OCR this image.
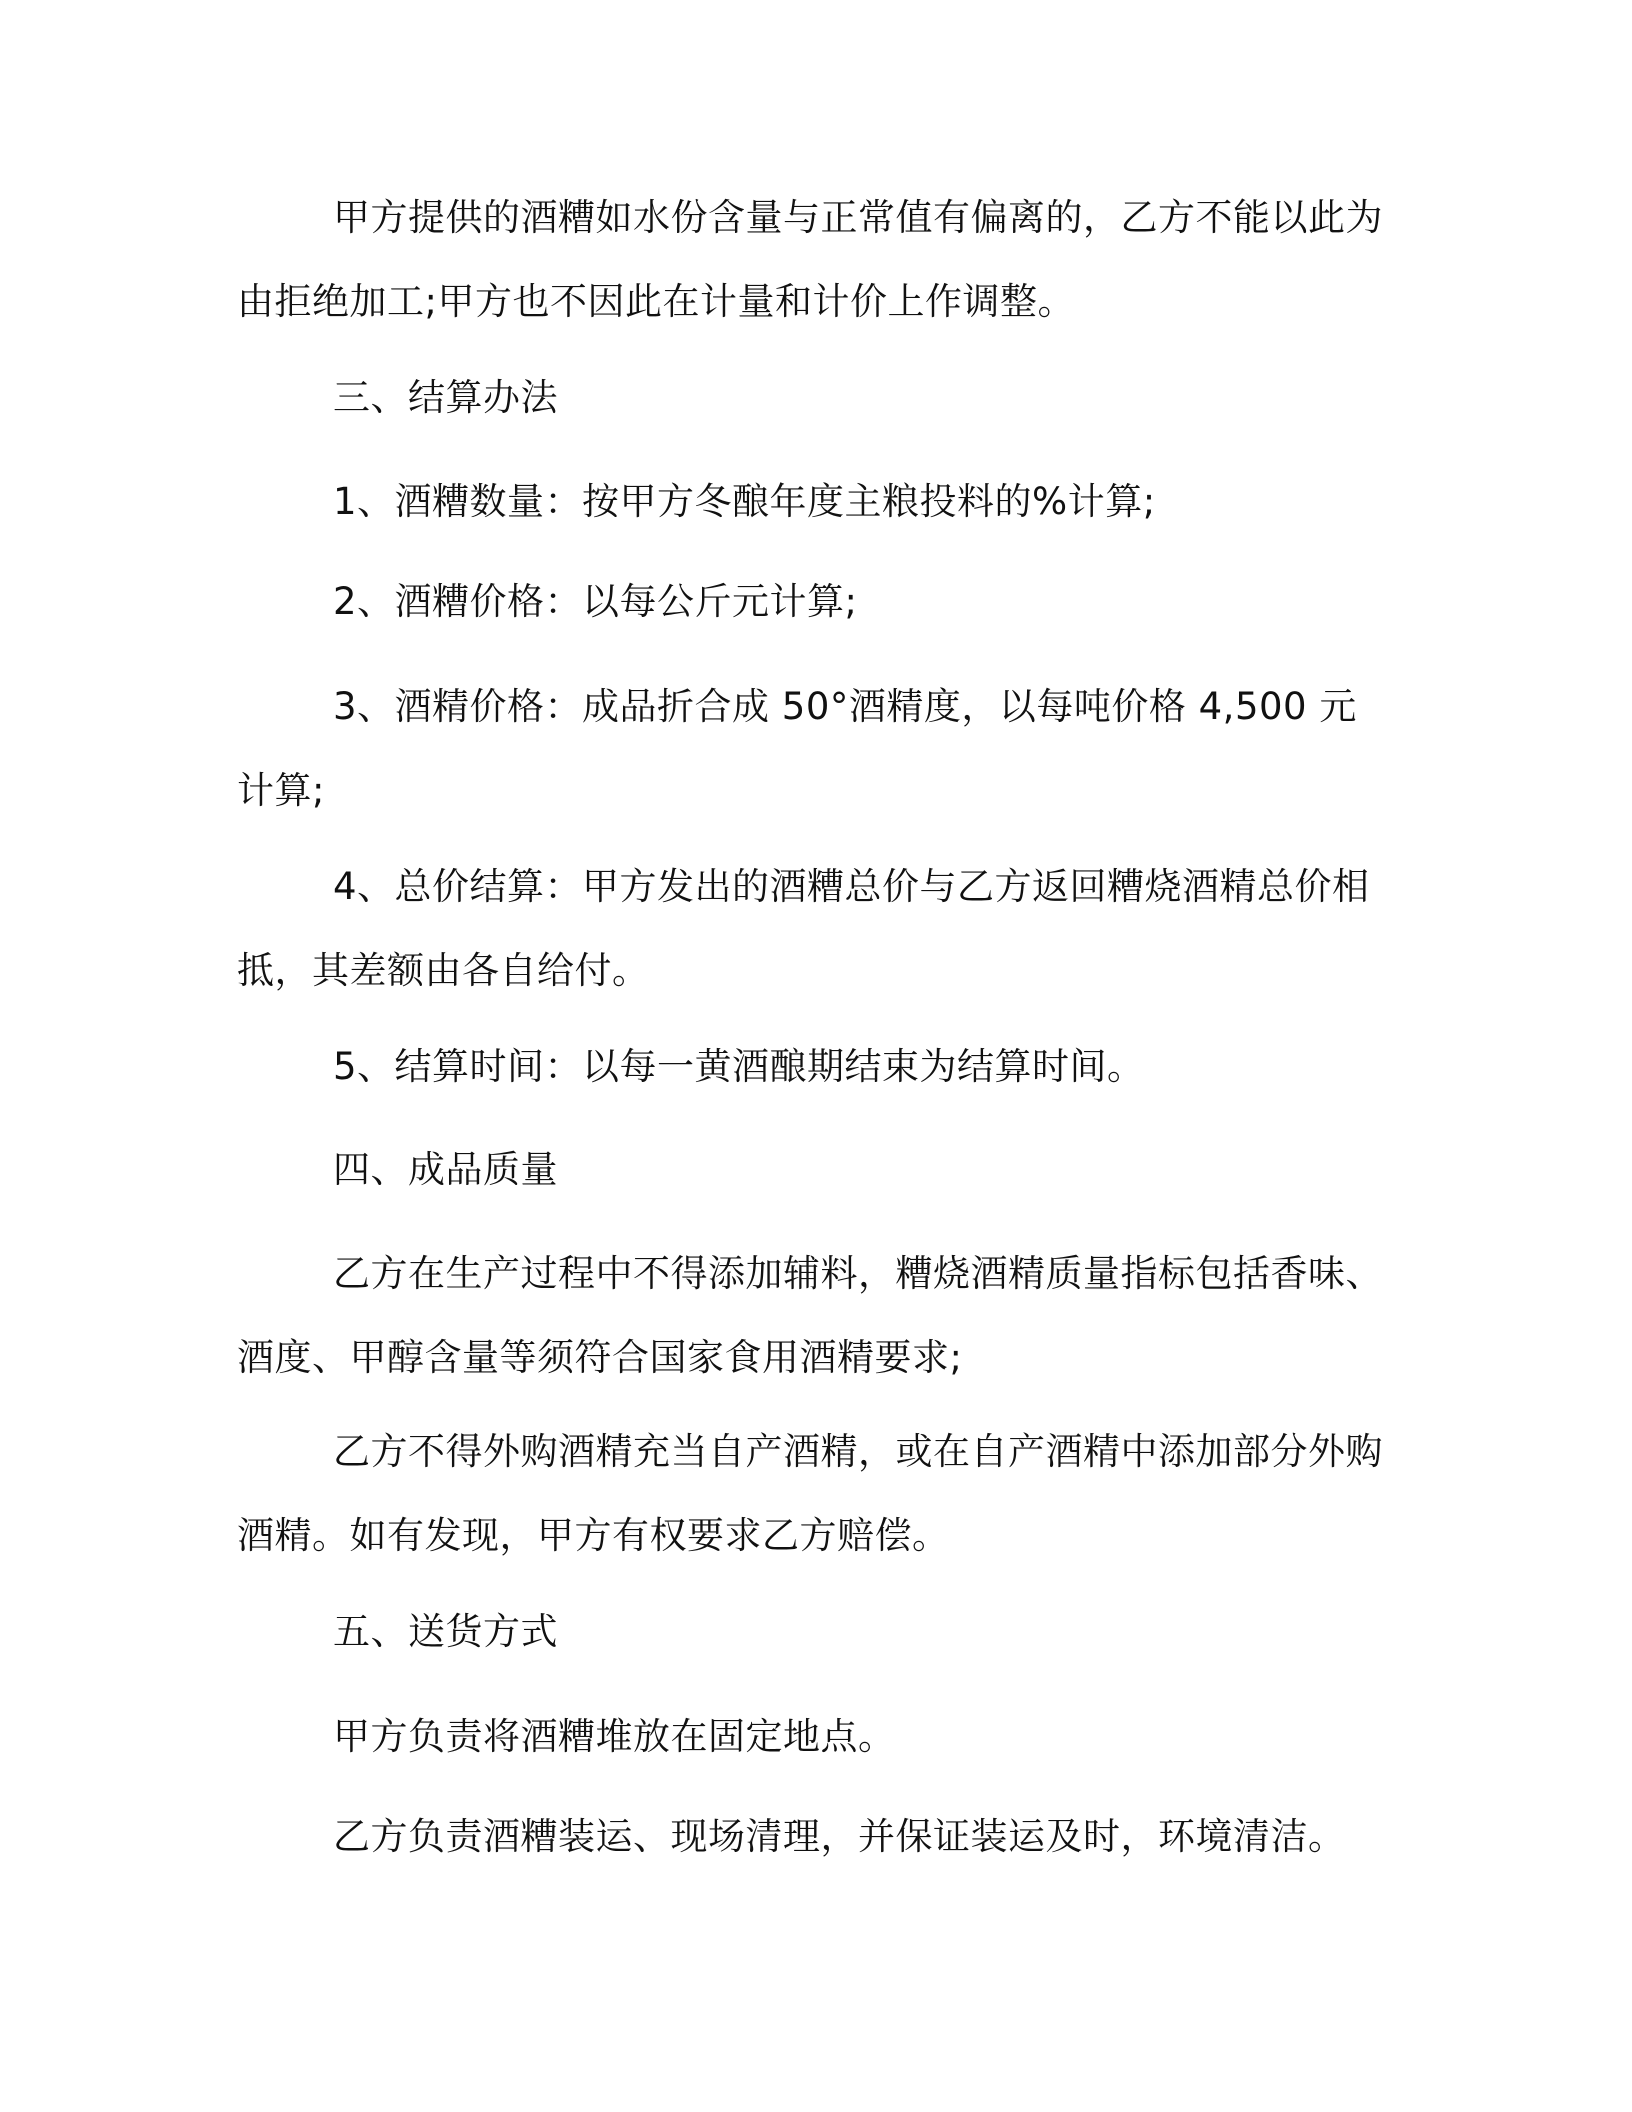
甲方提供的酒糟如水份含量与正常值有偏离的，乙方不能以此为由拒绝加工;甲方也不因此在计量和计价上作调整。

三、结算办法

1、酒糟数量：按甲方冬酿年度主粮投料的%计算;

2、酒糟价格：以每公斤元计算;

3、酒精价格：成品折合成 50°酒精度，以每吨价格 4,500 元计算;

4、总价结算：甲方发出的酒糟总价与乙方返回糟烧酒精总价相抵，其差额由各自给付。

5、结算时间：以每一黄酒酿期结束为结算时间。

四、成品质量

乙方在生产过程中不得添加辅料，糟烧酒精质量指标包括香味、酒度、甲醇含量等须符合国家食用酒精要求;

乙方不得外购酒精充当自产酒精，或在自产酒精中添加部分外购酒精。如有发现，甲方有权要求乙方赔偿。

五、送货方式

甲方负责将酒糟堆放在固定地点。

乙方负责酒糟装运、现场清理，并保证装运及时，环境清洁。
